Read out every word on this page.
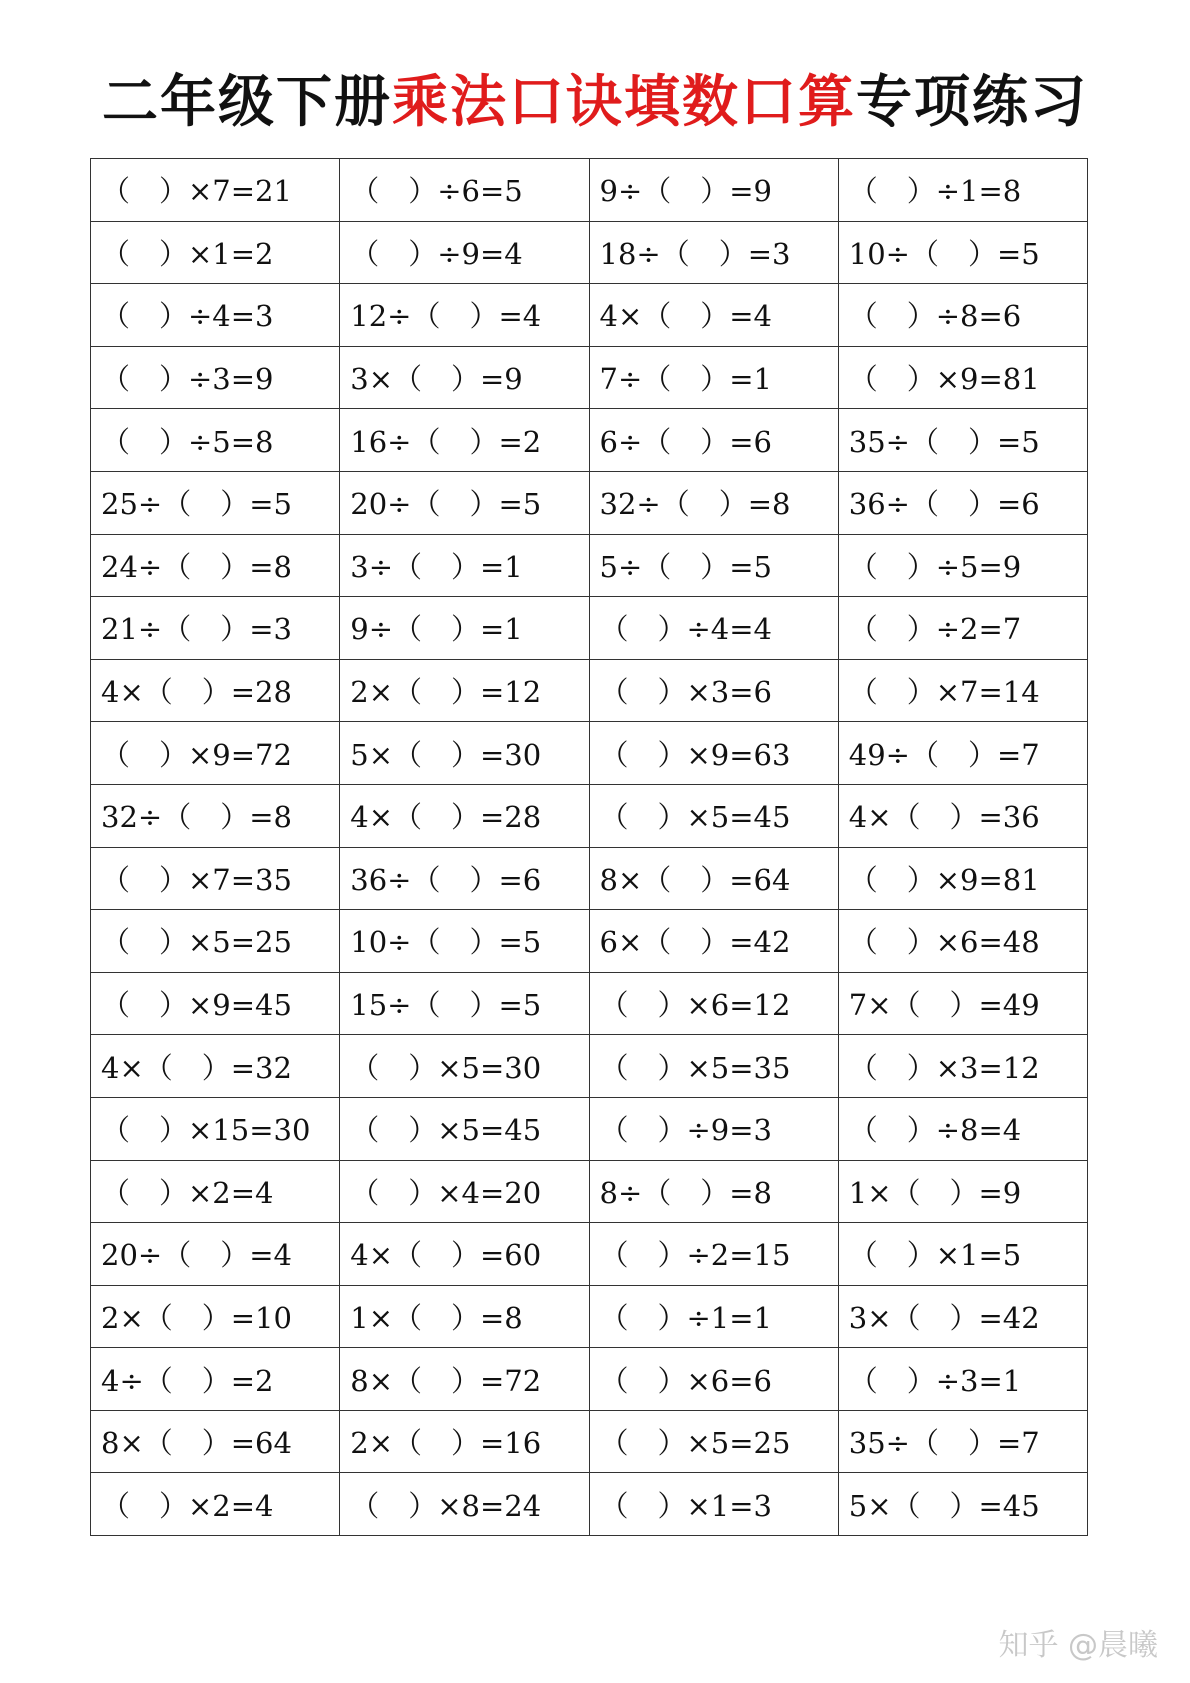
二年级下册乘法口诀填数口算专项练习
（　）×7=21	（　）÷6=5	9÷（　）=9	（　）÷1=8
（　）×1=2	（　）÷9=4	18÷（　）=3	10÷（　）=5
（　）÷4=3	12÷（　）=4	4×（　）=4	（　）÷8=6
（　）÷3=9	3×（　）=9	7÷（　）=1	（　）×9=81
（　）÷5=8	16÷（　）=2	6÷（　）=6	35÷（　）=5
25÷（　）=5	20÷（　）=5	32÷（　）=8	36÷（　）=6
24÷（　）=8	3÷（　）=1	5÷（　）=5	（　）÷5=9
21÷（　）=3	9÷（　）=1	（　）÷4=4	（　）÷2=7
4×（　）=28	2×（　）=12	（　）×3=6	（　）×7=14
（　）×9=72	5×（　）=30	（　）×9=63	49÷（　）=7
32÷（　）=8	4×（　）=28	（　）×5=45	4×（　）=36
（　）×7=35	36÷（　）=6	8×（　）=64	（　）×9=81
（　）×5=25	10÷（　）=5	6×（　）=42	（　）×6=48
（　）×9=45	15÷（　）=5	（　）×6=12	7×（　）=49
4×（　）=32	（　）×5=30	（　）×5=35	（　）×3=12
（　）×15=30	（　）×5=45	（　）÷9=3	（　）÷8=4
（　）×2=4	（　）×4=20	8÷（　）=8	1×（　）=9
20÷（　）=4	4×（　）=60	（　）÷2=15	（　）×1=5
2×（　）=10	1×（　）=8	（　）÷1=1	3×（　）=42
4÷（　）=2	8×（　）=72	（　）×6=6	（　）÷3=1
8×（　）=64	2×（　）=16	（　）×5=25	35÷（　）=7
（　）×2=4	（　）×8=24	（　）×1=3	5×（　）=45
知乎 @晨曦
